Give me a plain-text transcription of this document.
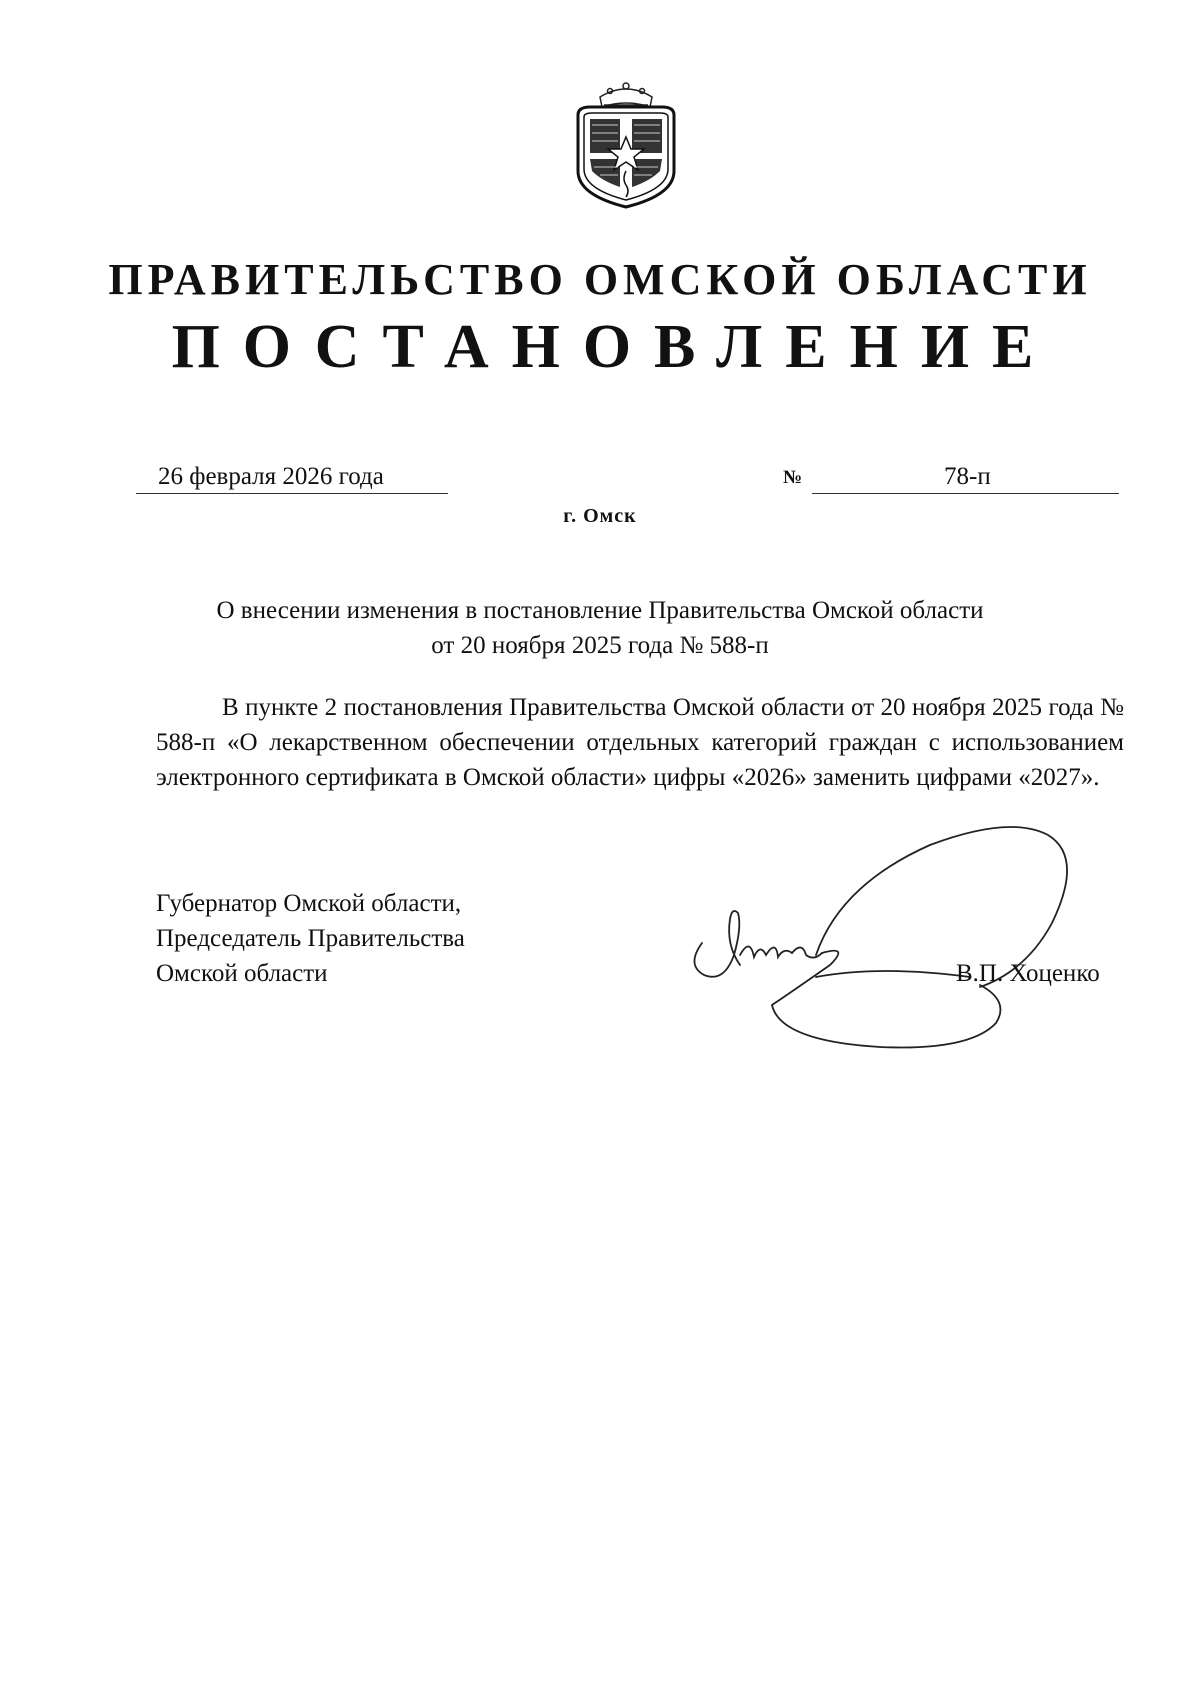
ПРАВИТЕЛЬСТВО ОМСКОЙ ОБЛАСТИ
ПОСТАНОВЛЕНИЕ
26 февраля 2026 года	№	78-п
г. Омск
О внесении изменения в постановление Правительства Омской области
от 20 ноября 2025 года № 588-п

В пункте 2 постановления Правительства Омской области от 20 ноября 2025 года № 588-п «О лекарственном обеспечении отдельных категорий граждан с использованием электронного сертификата в Омской области» цифры «2026» заменить цифрами «2027».

Губернатор Омской области,
Председатель Правительства
Омской области	В.П. Хоценко
